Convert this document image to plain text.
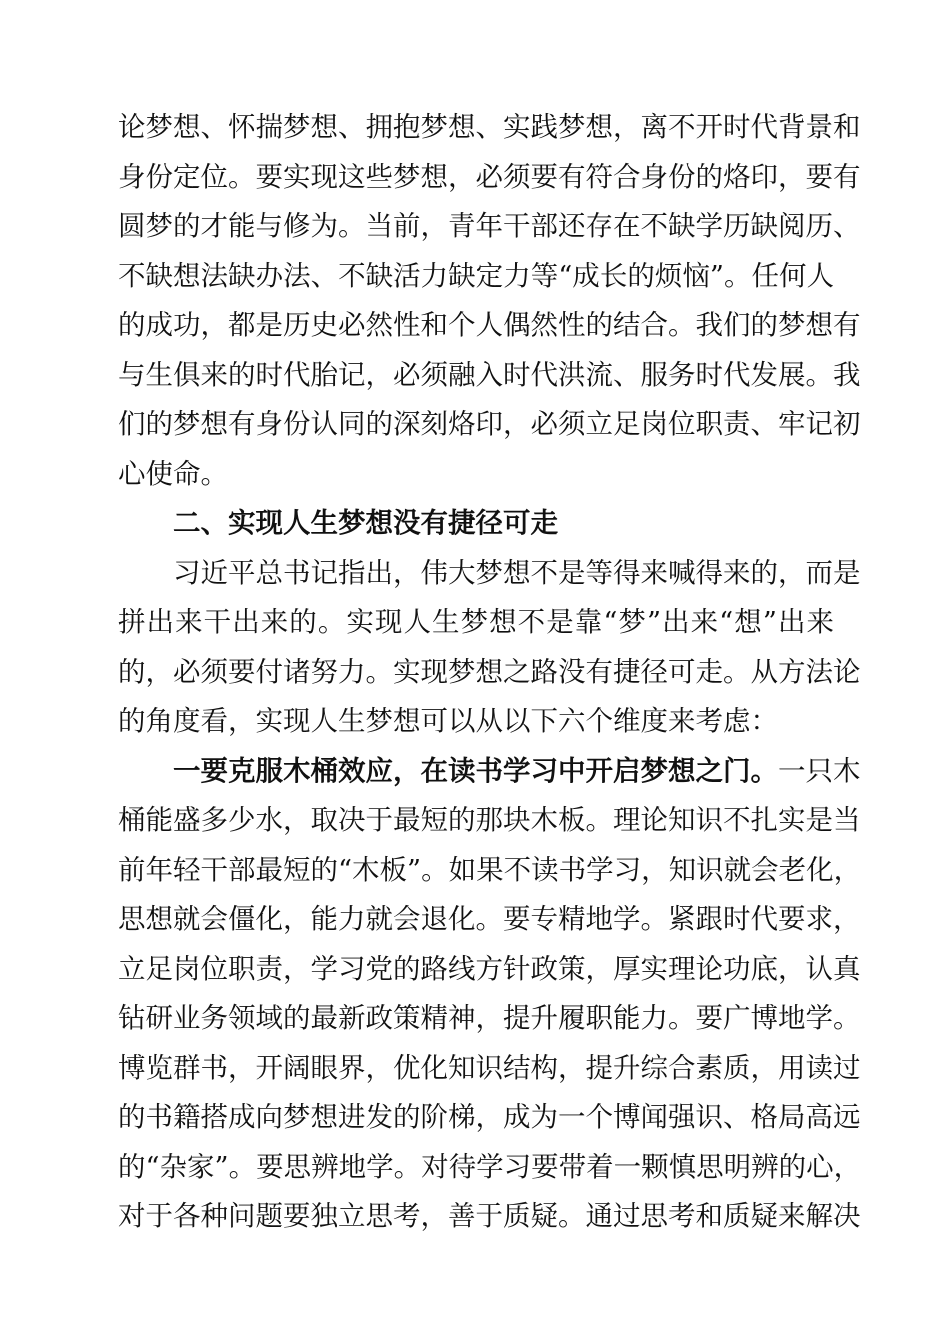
论梦想、怀揣梦想、拥抱梦想、实践梦想，离不开时代背景和
身份定位。要实现这些梦想，必须要有符合身份的烙印，要有
圆梦的才能与修为。当前，青年干部还存在不缺学历缺阅历、
不缺想法缺办法、不缺活力缺定力等“成长的烦恼”。任何人
的成功，都是历史必然性和个人偶然性的结合。我们的梦想有
与生俱来的时代胎记，必须融入时代洪流、服务时代发展。我
们的梦想有身份认同的深刻烙印，必须立足岗位职责、牢记初
心使命。
二、实现人生梦想没有捷径可走
习近平总书记指出，伟大梦想不是等得来喊得来的，而是
拼出来干出来的。实现人生梦想不是靠“梦”出来“想”出来
的，必须要付诸努力。实现梦想之路没有捷径可走。从方法论
的角度看，实现人生梦想可以从以下六个维度来考虑：
一要克服木桶效应，在读书学习中开启梦想之门。一只木
桶能盛多少水，取决于最短的那块木板。理论知识不扎实是当
前年轻干部最短的“木板”。如果不读书学习，知识就会老化，
思想就会僵化，能力就会退化。要专精地学。紧跟时代要求，
立足岗位职责，学习党的路线方针政策，厚实理论功底，认真
钻研业务领域的最新政策精神，提升履职能力。要广博地学。
博览群书，开阔眼界，优化知识结构，提升综合素质，用读过
的书籍搭成向梦想进发的阶梯，成为一个博闻强识、格局高远
的“杂家”。要思辨地学。对待学习要带着一颗慎思明辨的心，
对于各种问题要独立思考，善于质疑。通过思考和质疑来解决
